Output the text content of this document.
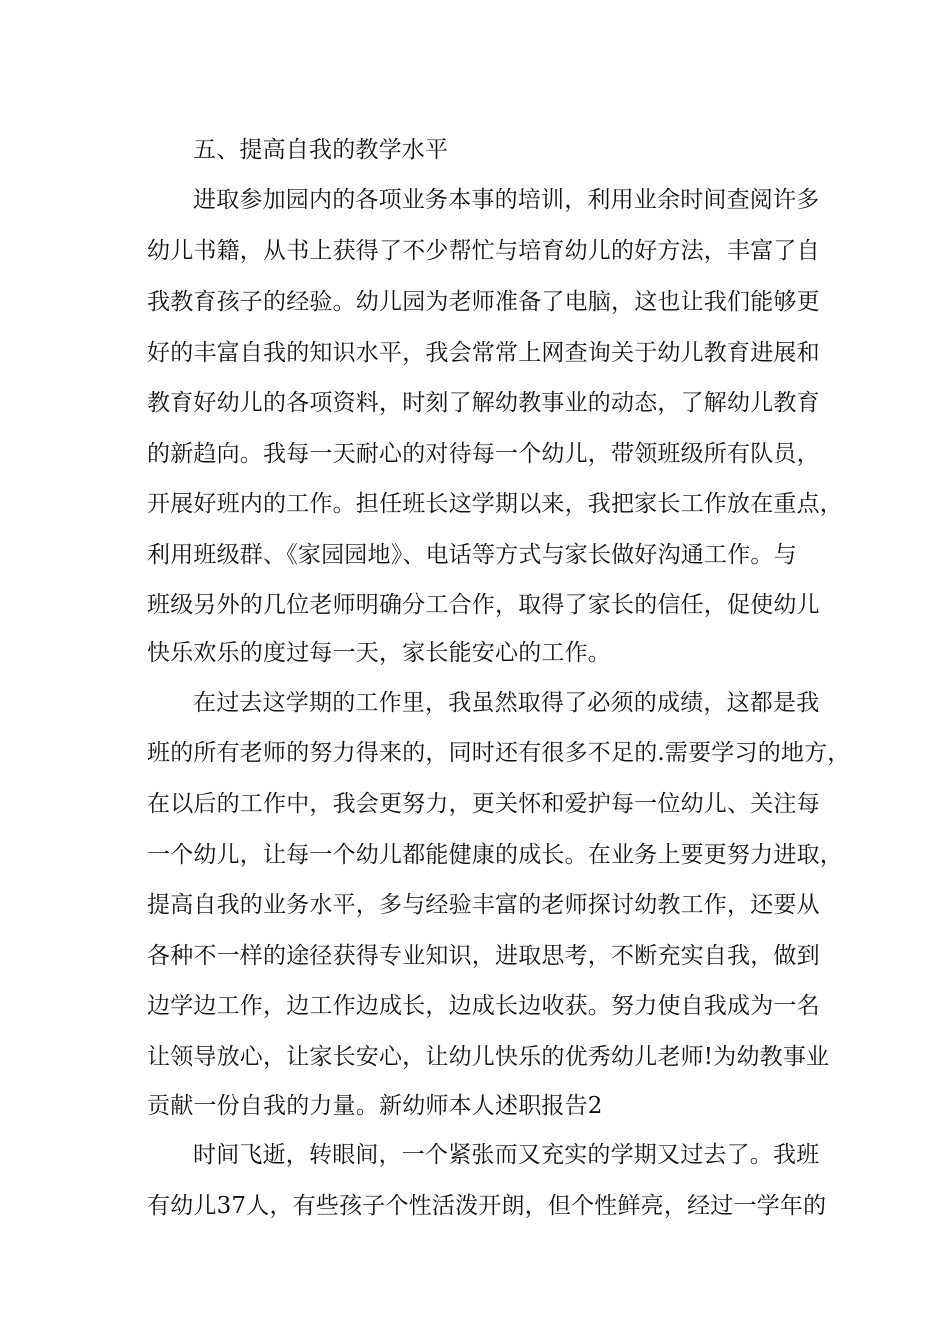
五、提高自我的教学水平
进取参加园内的各项业务本事的培训，利用业余时间查阅许多
幼儿书籍，从书上获得了不少帮忙与培育幼儿的好方法，丰富了自
我教育孩子的经验。幼儿园为老师准备了电脑，这也让我们能够更
好的丰富自我的知识水平，我会常常上网查询关于幼儿教育进展和
教育好幼儿的各项资料，时刻了解幼教事业的动态，了解幼儿教育
的新趋向。我每一天耐心的对待每一个幼儿，带领班级所有队员，
开展好班内的工作。担任班长这学期以来，我把家长工作放在重点，
利用班级群、《家园园地》、电话等方式与家长做好沟通工作。与
班级另外的几位老师明确分工合作，取得了家长的信任，促使幼儿
快乐欢乐的度过每一天，家长能安心的工作。
在过去这学期的工作里，我虽然取得了必须的成绩，这都是我
班的所有老师的努力得来的，同时还有很多不足的.需要学习的地方，
在以后的工作中，我会更努力，更关怀和爱护每一位幼儿、关注每
一个幼儿，让每一个幼儿都能健康的成长。在业务上要更努力进取，
提高自我的业务水平，多与经验丰富的老师探讨幼教工作，还要从
各种不一样的途径获得专业知识，进取思考，不断充实自我，做到
边学边工作，边工作边成长，边成长边收获。努力使自我成为一名
让领导放心，让家长安心，让幼儿快乐的优秀幼儿老师!为幼教事业
贡献一份自我的力量。新幼师本人述职报告2
时间飞逝，转眼间，一个紧张而又充实的学期又过去了。我班
有幼儿37人，有些孩子个性活泼开朗，但个性鲜亮，经过一学年的
